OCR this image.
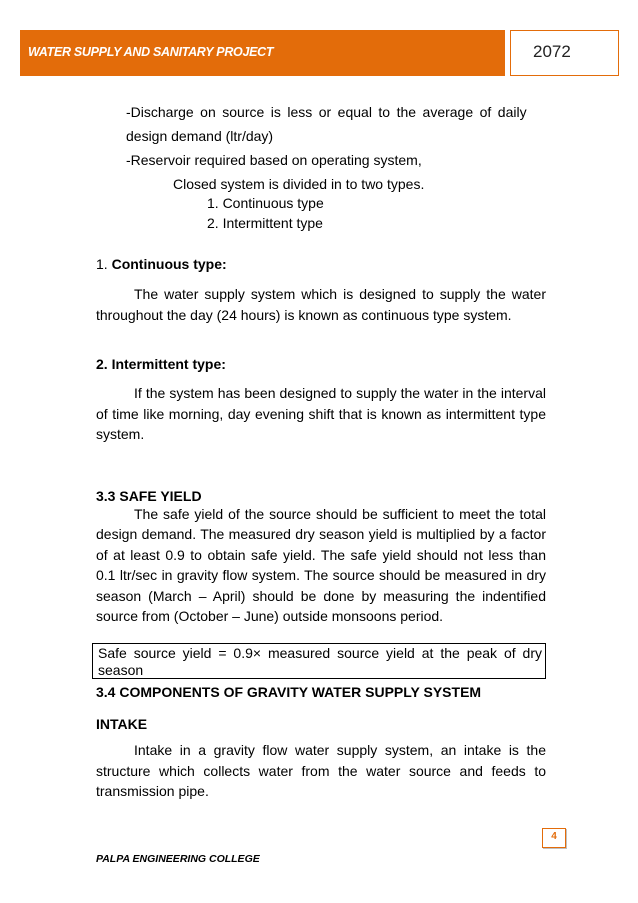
WATER SUPPLY AND SANITARY PROJECT	2072
-Discharge on source is less or equal to the average of daily
design demand (ltr/day)
-Reservoir required based on operating system,
Closed system is divided in to two types.
1. Continuous type
2. Intermittent type
1. Continuous type:
The water supply system which is designed to supply the water throughout the day (24 hours) is known as continuous type system.
2. Intermittent type:
If the system has been designed to supply the water in the interval of time like morning, day evening shift that is known as intermittent type system.
3.3 SAFE YIELD
The safe yield of the source should be sufficient to meet the total design demand. The measured dry season yield is multiplied by a factor of at least 0.9 to obtain safe yield. The safe yield should not less than 0.1 ltr/sec in gravity flow system. The source should be measured in dry season (March – April) should be done by measuring the indentified source from (October – June) outside monsoons period.
Safe source yield = 0.9× measured source yield at the peak of dry season
3.4 COMPONENTS OF GRAVITY WATER SUPPLY SYSTEM
INTAKE
Intake in a gravity flow water supply system, an intake is the structure which collects water from the water source and feeds to transmission pipe.
4
PALPA ENGINEERING COLLEGE
